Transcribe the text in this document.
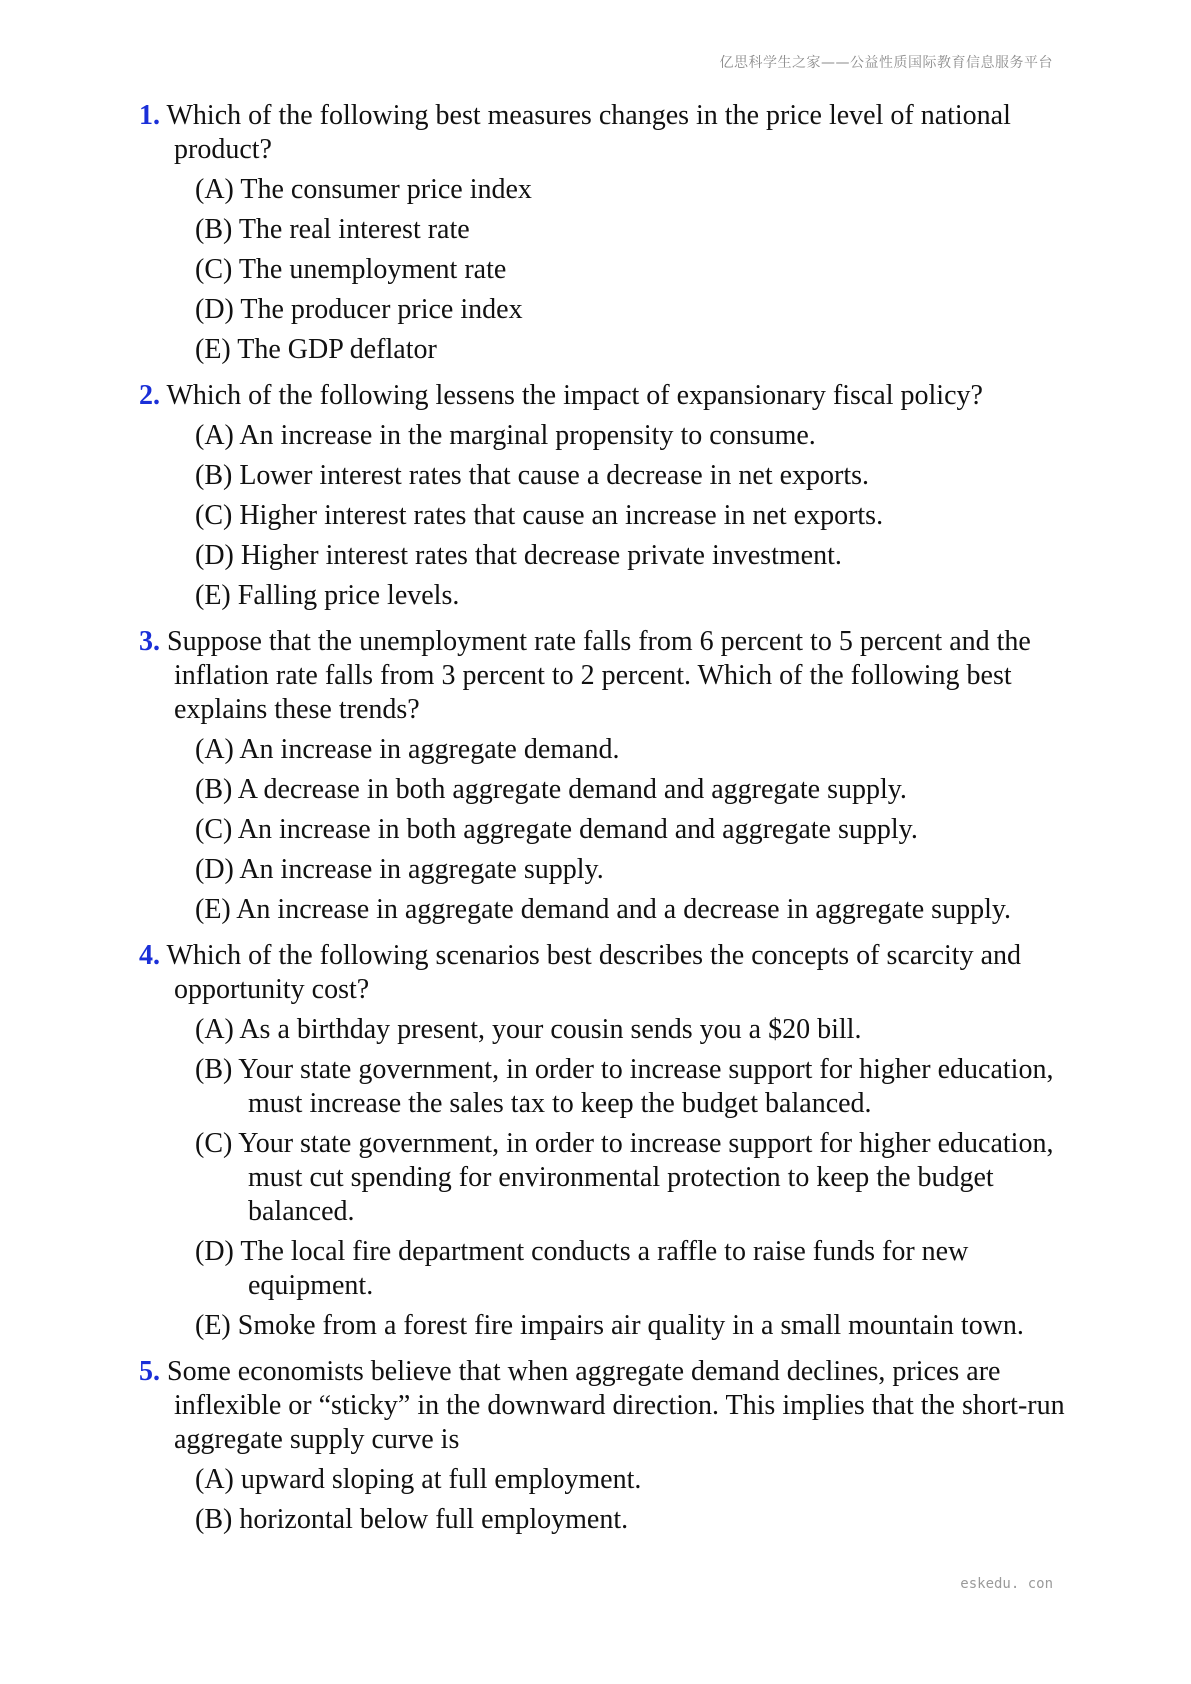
亿思科学生之家——公益性质国际教育信息服务平台

1. Which of the following best measures changes in the price level of national product?

(A) The consumer price index
(B) The real interest rate
(C) The unemployment rate
(D) The producer price index
(E) The GDP deflator

2. Which of the following lessens the impact of expansionary fiscal policy?

(A) An increase in the marginal propensity to consume.
(B) Lower interest rates that cause a decrease in net exports.
(C) Higher interest rates that cause an increase in net exports.
(D) Higher interest rates that decrease private investment.
(E) Falling price levels.

3. Suppose that the unemployment rate falls from 6 percent to 5 percent and the inflation rate falls from 3 percent to 2 percent. Which of the following best explains these trends?

(A) An increase in aggregate demand.
(B) A decrease in both aggregate demand and aggregate supply.
(C) An increase in both aggregate demand and aggregate supply.
(D) An increase in aggregate supply.
(E) An increase in aggregate demand and a decrease in aggregate supply.

4. Which of the following scenarios best describes the concepts of scarcity and opportunity cost?

(A) As a birthday present, your cousin sends you a $20 bill.
(B) Your state government, in order to increase support for higher education, must increase the sales tax to keep the budget balanced.
(C) Your state government, in order to increase support for higher education, must cut spending for environmental protection to keep the budget balanced.
(D) The local fire department conducts a raffle to raise funds for new equipment.
(E) Smoke from a forest fire impairs air quality in a small mountain town.

5. Some economists believe that when aggregate demand declines, prices are inflexible or “sticky” in the downward direction. This implies that the short-run aggregate supply curve is

(A) upward sloping at full employment.
(B) horizontal below full employment.
eskedu. con
